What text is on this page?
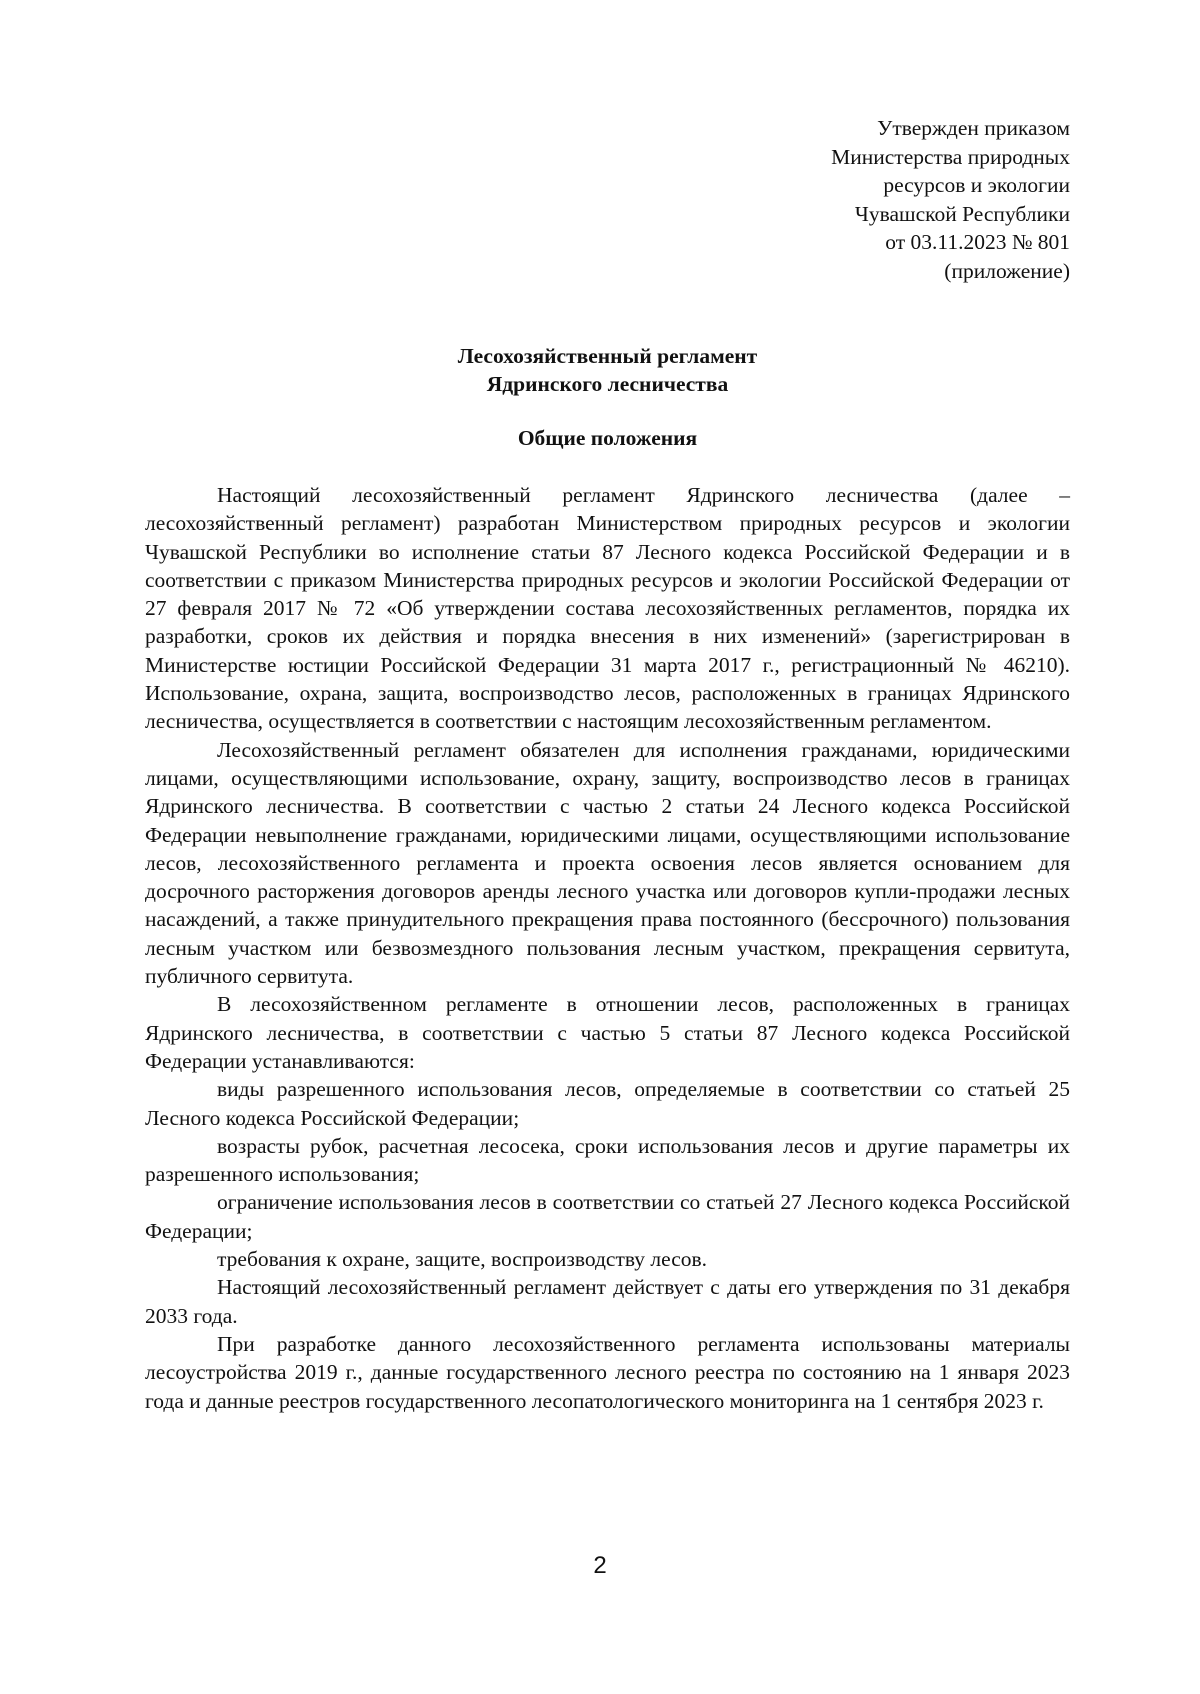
Утвержден приказом
Министерства природных
ресурсов и экологии
Чувашской Республики
от 03.11.2023 № 801
(приложение)
Лесохозяйственный регламент
Ядринского лесничества
Общие положения

Настоящий лесохозяйственный регламент Ядринского лесничества (далее – лесохозяйственный регламент) разработан Министерством природных ресурсов и экологии Чувашской Республики во исполнение статьи 87 Лесного кодекса Российской Федерации и в соответствии с приказом Министерства природных ресурсов и экологии Российской Федерации от 27 февраля 2017 № 72 «Об утверждении состава лесохозяйственных регламентов, порядка их разработки, сроков их действия и порядка внесения в них изменений» (зарегистрирован в Министерстве юстиции Российской Федерации 31 марта 2017 г., регистрационный № 46210). Использование, охрана, защита, воспроизводство лесов, расположенных в границах Ядринского лесничества, осуществляется в соответствии с настоящим лесохозяйственным регламентом.

Лесохозяйственный регламент обязателен для исполнения гражданами, юридическими лицами, осуществляющими использование, охрану, защиту, воспроизводство лесов в границах Ядринского лесничества. В соответствии с частью 2 статьи 24 Лесного кодекса Российской Федерации невыполнение гражданами, юридическими лицами, осуществляющими использование лесов, лесохозяйственного регламента и проекта освоения лесов является основанием для досрочного расторжения договоров аренды лесного участка или договоров купли-продажи лесных насаждений, а также принудительного прекращения права постоянного (бессрочного) пользования лесным участком или безвозмездного пользования лесным участком, прекращения сервитута, публичного сервитута.

В лесохозяйственном регламенте в отношении лесов, расположенных в границах Ядринского лесничества, в соответствии с частью 5 статьи 87 Лесного кодекса Российской Федерации устанавливаются:

виды разрешенного использования лесов, определяемые в соответствии со статьей 25 Лесного кодекса Российской Федерации;

возрасты рубок, расчетная лесосека, сроки использования лесов и другие параметры их разрешенного использования;

ограничение использования лесов в соответствии со статьей 27 Лесного кодекса Российской Федерации;

требования к охране, защите, воспроизводству лесов.

Настоящий лесохозяйственный регламент действует с даты его утверждения по 31 декабря 2033 года.

При разработке данного лесохозяйственного регламента использованы материалы лесоустройства 2019 г., данные государственного лесного реестра по состоянию на 1 января 2023 года и данные реестров государственного лесопатологического мониторинга на 1 сентября 2023 г.

2
